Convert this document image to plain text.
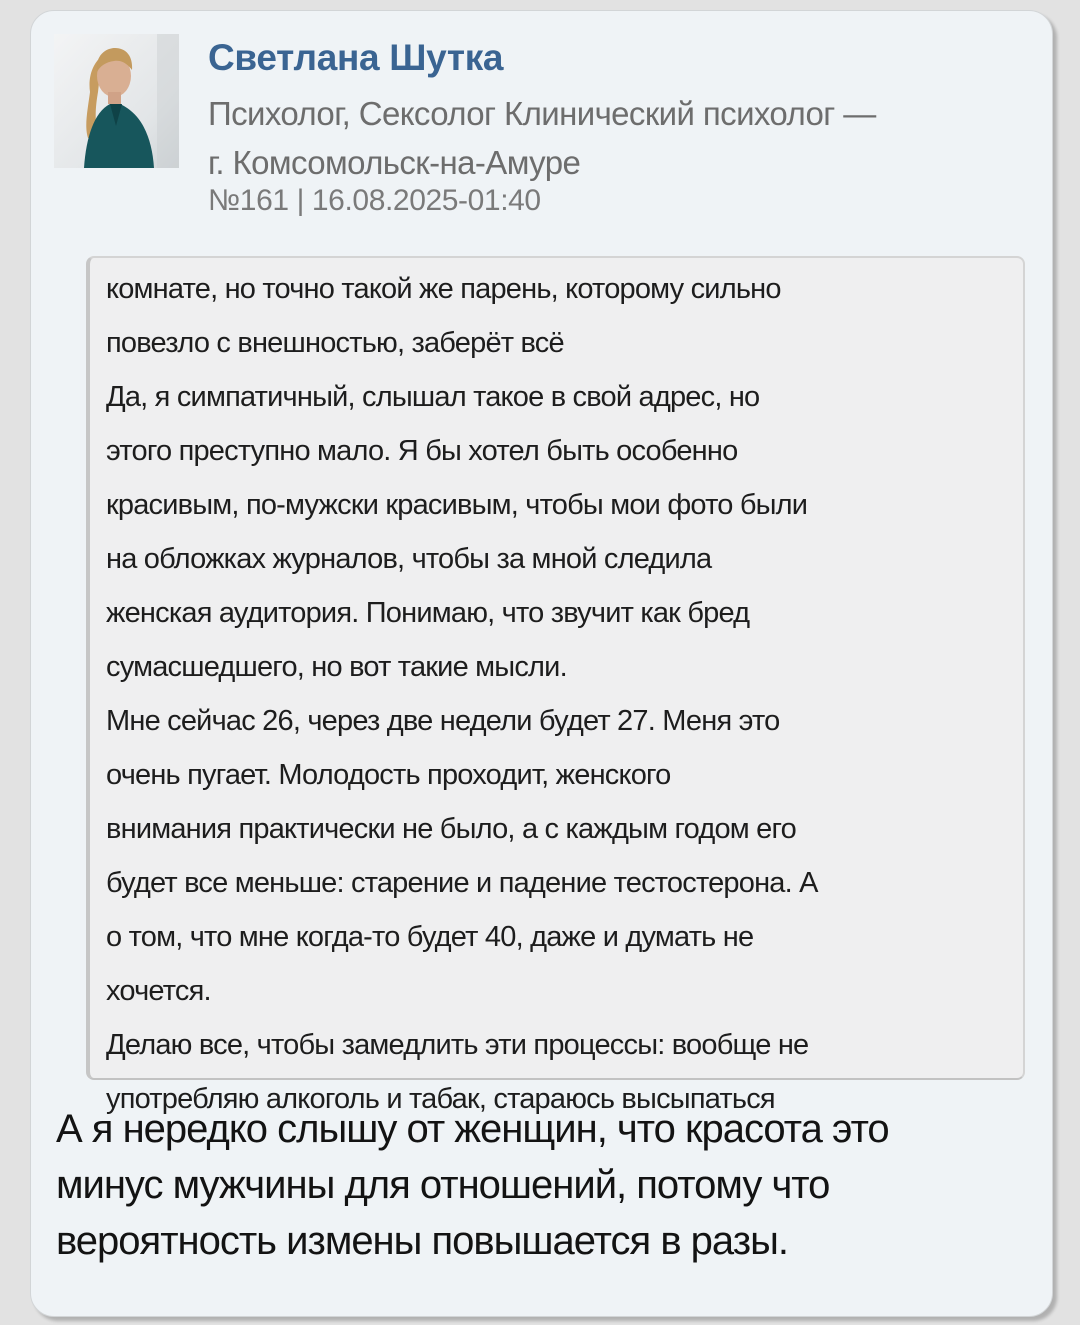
Светлана Шутка
Психолог, Сексолог Клинический психолог —
г. Комсомольск-на-Амуре
№161 | 16.08.2025-01:40
комнате, но точно такой же парень, которому сильно
повезло с внешностью, заберёт всё
Да, я симпатичный, слышал такое в свой адрес, но
этого преступно мало. Я бы хотел быть особенно
красивым, по-мужски красивым, чтобы мои фото были
на обложках журналов, чтобы за мной следила
женская аудитория. Понимаю, что звучит как бред
сумасшедшего, но вот такие мысли.
Мне сейчас 26, через две недели будет 27. Меня это
очень пугает. Молодость проходит, женского
внимания практически не было, а с каждым годом его
будет все меньше: старение и падение тестостерона. А
о том, что мне когда-то будет 40, даже и думать не
хочется.
Делаю все, чтобы замедлить эти процессы: вообще не
употребляю алкоголь и табак, стараюсь высыпаться
А я нередко слышу от женщин, что красота это
минус мужчины для отношений, потому что
вероятность измены повышается в разы.
